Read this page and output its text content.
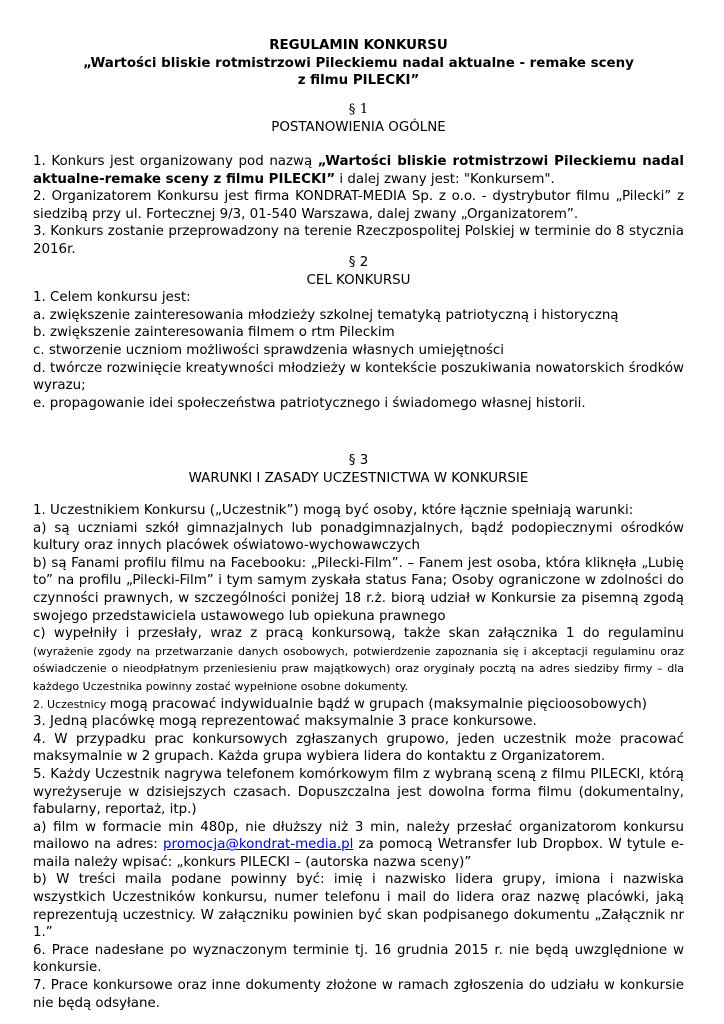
REGULAMIN KONKURSU

„Wartości bliskie rotmistrzowi Pileckiemu nadal aktualne - remake sceny

z filmu PILECKI”

§ 1

POSTANOWIENIA OGÓLNE

1. Konkurs jest organizowany pod nazwą „Wartości bliskie rotmistrzowi Pileckiemu nadal aktualne-remake sceny z filmu PILECKI” i dalej zwany jest: "Konkursem".

2. Organizatorem Konkursu jest firma KONDRAT-MEDIA Sp. z o.o. - dystrybutor filmu „Pilecki” z siedzibą przy ul. Fortecznej 9/3, 01-540 Warszawa, dalej zwany „Organizatorem”.

3. Konkurs zostanie przeprowadzony na terenie Rzeczpospolitej Polskiej w terminie do 8 stycznia 2016r.

§ 2

CEL KONKURSU

1. Celem konkursu jest:

a. zwiększenie zainteresowania młodzieży szkolnej tematyką patriotyczną i historyczną

b. zwiększenie zainteresowania filmem o rtm Pileckim

c. stworzenie uczniom możliwości sprawdzenia własnych umiejętności

d. twórcze rozwinięcie kreatywności młodzieży w kontekście poszukiwania nowatorskich środków wyrazu;

e. propagowanie idei społeczeństwa patriotycznego i świadomego własnej historii.

§ 3

WARUNKI I ZASADY UCZESTNICTWA W KONKURSIE

1. Uczestnikiem Konkursu („Uczestnik”) mogą być osoby, które łącznie spełniają warunki:

a) są uczniami szkół gimnazjalnych lub ponadgimnazjalnych, bądź podopiecznymi ośrodków kultury oraz innych placówek oświatowo-wychowawczych

b) są Fanami profilu filmu na Facebooku: „Pilecki-Film”. – Fanem jest osoba, która kliknęła „Lubię to” na profilu „Pilecki-Film” i tym samym zyskała status Fana; Osoby ograniczone w zdolności do czynności prawnych, w szczególności poniżej 18 r.ż. biorą udział w Konkursie za pisemną zgodą swojego przedstawiciela ustawowego lub opiekuna prawnego

c) wypełniły i przesłały, wraz z pracą konkursową, także skan załącznika 1 do regulaminu (wyrażenie zgody na przetwarzanie danych osobowych, potwierdzenie zapoznania się i akceptacji regulaminu oraz oświadczenie o nieodpłatnym przeniesieniu praw majątkowych) oraz oryginały pocztą na adres siedziby firmy – dla każdego Uczestnika powinny zostać wypełnione osobne dokumenty.

2. Uczestnicy mogą pracować indywidualnie bądź w grupach (maksymalnie pięcioosobowych)

3. Jedną placówkę mogą reprezentować maksymalnie 3 prace konkursowe.

4. W przypadku prac konkursowych zgłaszanych grupowo, jeden uczestnik może pracować maksymalnie w 2 grupach. Każda grupa wybiera lidera do kontaktu z Organizatorem.

5. Każdy Uczestnik nagrywa telefonem komórkowym film z wybraną sceną z filmu PILECKI, którą wyreżyseruje w dzisiejszych czasach. Dopuszczalna jest dowolna forma filmu (dokumentalny, fabularny, reportaż, itp.)

a) film w formacie min 480p, nie dłuższy niż 3 min, należy przesłać organizatorom konkursu mailowo na adres: promocja@kondrat-media.pl za pomocą Wetransfer lub Dropbox. W tytule e-maila należy wpisać: „konkurs PILECKI – (autorska nazwa sceny)”

b) W treści maila podane powinny być: imię i nazwisko lidera grupy, imiona i nazwiska wszystkich Uczestników konkursu, numer telefonu i mail do lidera oraz nazwę placówki, jaką reprezentują uczestnicy. W załączniku powinien być skan podpisanego dokumentu „Załącznik nr 1.”

6. Prace nadesłane po wyznaczonym terminie tj. 16 grudnia 2015 r. nie będą uwzględnione w konkursie.

7. Prace konkursowe oraz inne dokumenty złożone w ramach zgłoszenia do udziału w konkursie nie będą odsyłane.
